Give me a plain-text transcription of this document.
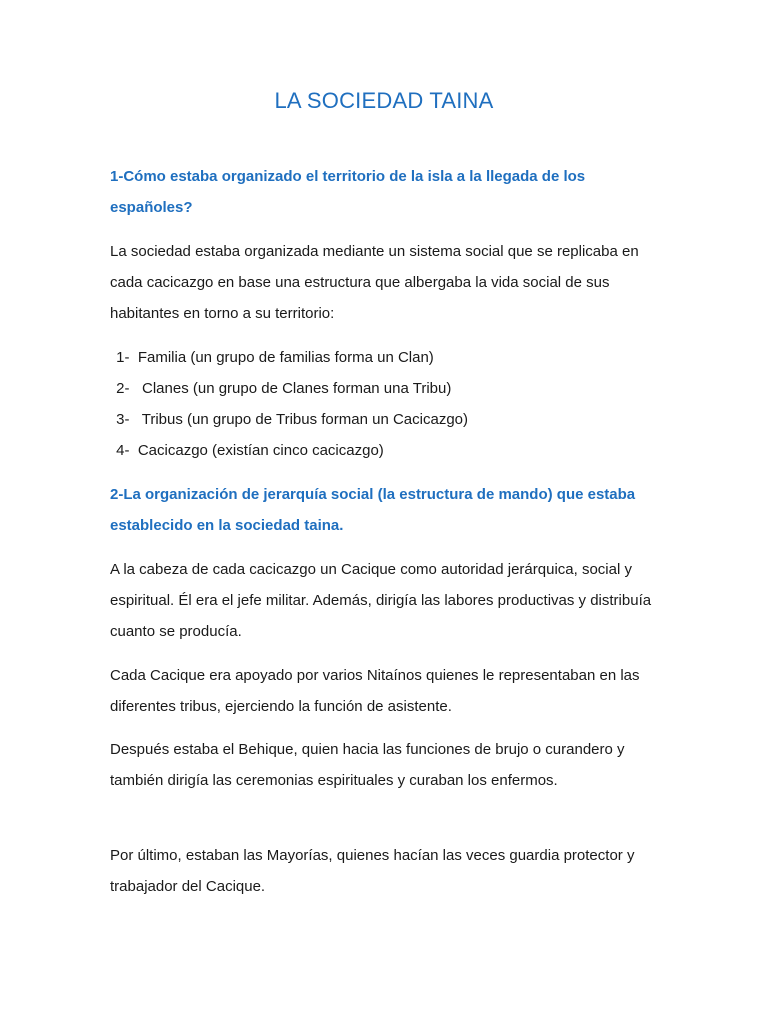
LA SOCIEDAD TAINA
1-Cómo estaba organizado el territorio de la isla a la llegada de los españoles?
La sociedad estaba organizada mediante un sistema social que se replicaba en cada cacicazgo en base una estructura que albergaba la vida social de sus habitantes en torno a su territorio:
1-  Familia (un grupo de familias forma un Clan)
2-   Clanes (un grupo de Clanes forman una Tribu)
3-   Tribus (un grupo de Tribus forman un Cacicazgo)
4-  Cacicazgo (existían cinco cacicazgo)
2-La organización de jerarquía social (la estructura de mando) que estaba establecido en la sociedad taina.
A la cabeza de cada cacicazgo un Cacique como autoridad jerárquica, social y espiritual. Él era el jefe militar. Además, dirigía las labores productivas y distribuía cuanto se producía.
Cada Cacique era apoyado por varios Nitaínos quienes le representaban en las diferentes tribus, ejerciendo la función de asistente.
Después estaba el Behique, quien hacia las funciones de brujo o curandero y también dirigía las ceremonias espirituales y curaban los enfermos.
Por último, estaban las Mayorías, quienes hacían las veces guardia protector y trabajador del Cacique.
